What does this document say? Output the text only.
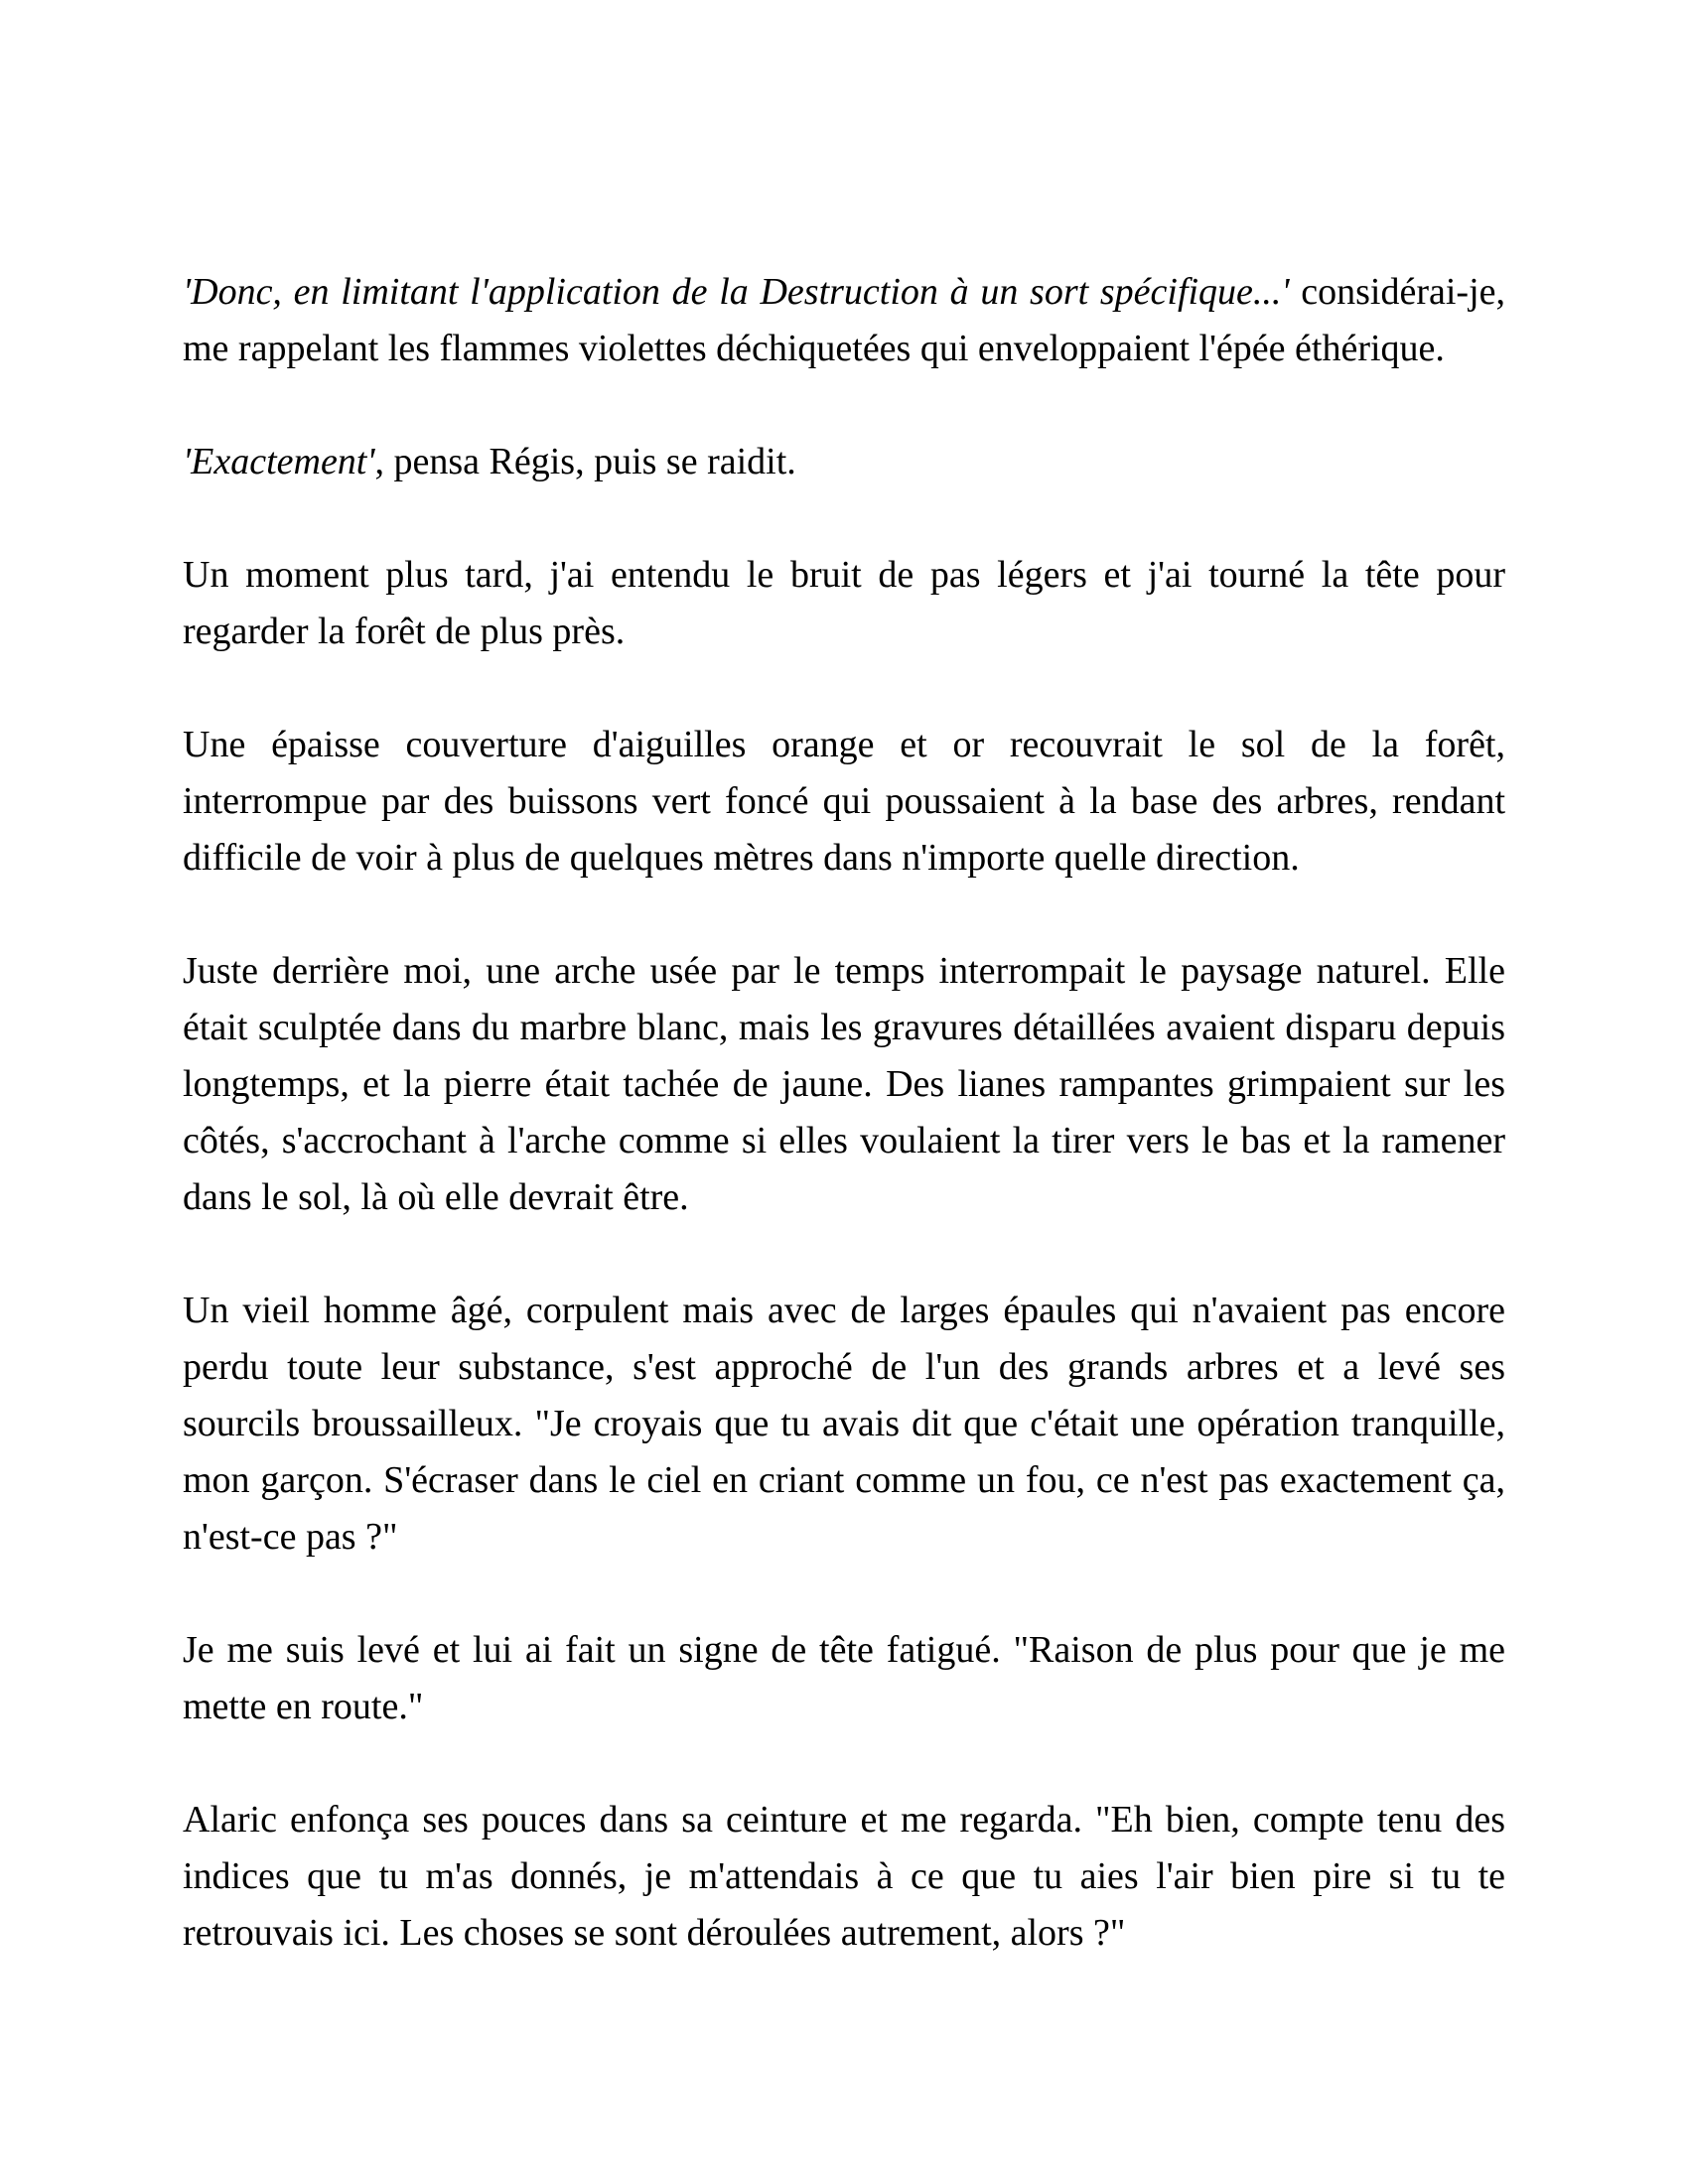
'Donc, en limitant l'application de la Destruction à un sort spécifique...' considérai-je, me rappelant les flammes violettes déchiquetées qui enveloppaient l'épée éthérique.

'Exactement', pensa Régis, puis se raidit.

Un moment plus tard, j'ai entendu le bruit de pas légers et j'ai tourné la tête pour regarder la forêt de plus près.

Une épaisse couverture d'aiguilles orange et or recouvrait le sol de la forêt, interrompue par des buissons vert foncé qui poussaient à la base des arbres, rendant difficile de voir à plus de quelques mètres dans n'importe quelle direction.

Juste derrière moi, une arche usée par le temps interrompait le paysage naturel. Elle était sculptée dans du marbre blanc, mais les gravures détaillées avaient disparu depuis longtemps, et la pierre était tachée de jaune. Des lianes rampantes grimpaient sur les côtés, s'accrochant à l'arche comme si elles voulaient la tirer vers le bas et la ramener dans le sol, là où elle devrait être.

Un vieil homme âgé, corpulent mais avec de larges épaules qui n'avaient pas encore perdu toute leur substance, s'est approché de l'un des grands arbres et a levé ses sourcils broussailleux. "Je croyais que tu avais dit que c'était une opération tranquille, mon garçon. S'écraser dans le ciel en criant comme un fou, ce n'est pas exactement ça, n'est-ce pas ?"

Je me suis levé et lui ai fait un signe de tête fatigué. "Raison de plus pour que je me mette en route."

Alaric enfonça ses pouces dans sa ceinture et me regarda. "Eh bien, compte tenu des indices que tu m'as donnés, je m'attendais à ce que tu aies l'air bien pire si tu te retrouvais ici. Les choses se sont déroulées autrement, alors ?"
